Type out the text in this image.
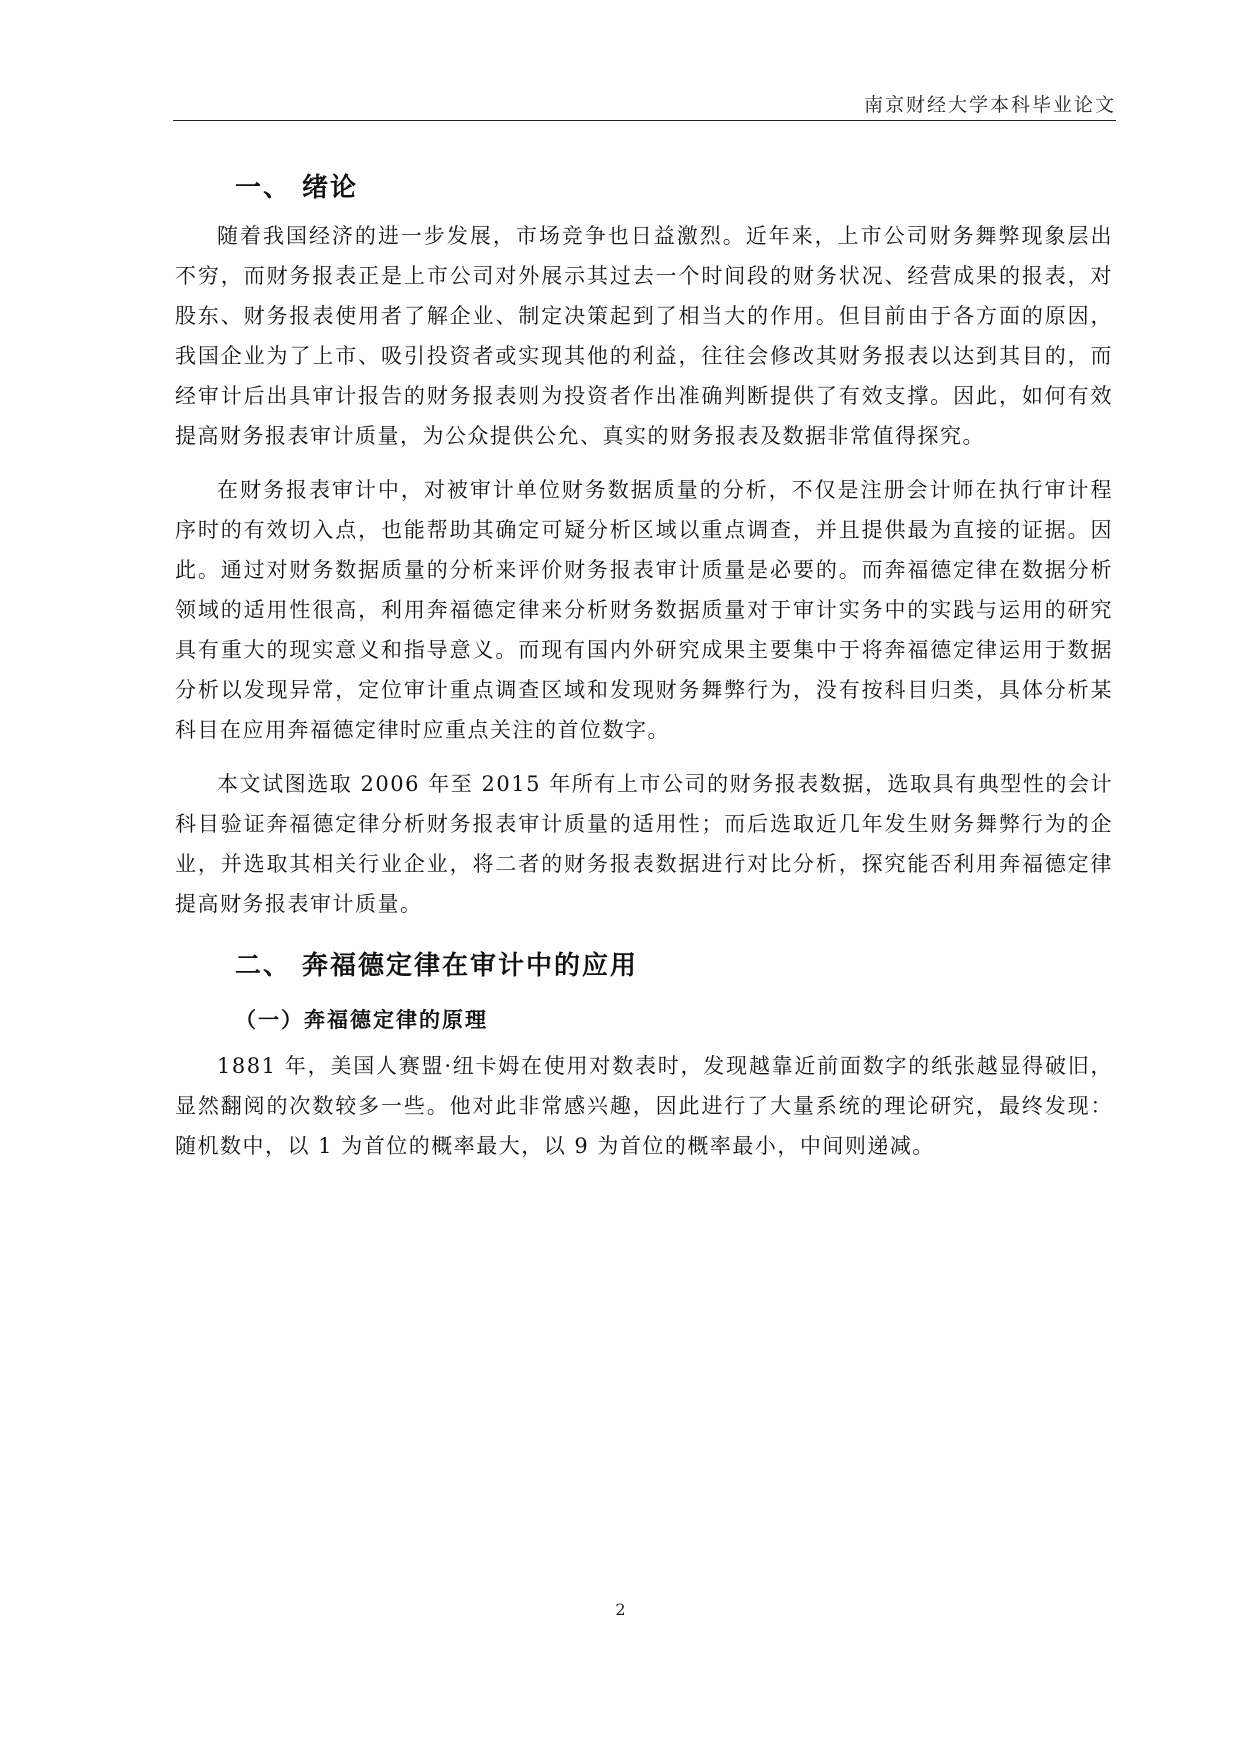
南京财经大学本科毕业论文
一、 绪论

随着我国经济的进一步发展，市场竞争也日益激烈。近年来，上市公司财务舞弊现象层出不穷，而财务报表正是上市公司对外展示其过去一个时间段的财务状况、经营成果的报表，对股东、财务报表使用者了解企业、制定决策起到了相当大的作用。但目前由于各方面的原因，我国企业为了上市、吸引投资者或实现其他的利益，往往会修改其财务报表以达到其目的，而经审计后出具审计报告的财务报表则为投资者作出准确判断提供了有效支撑。因此，如何有效提高财务报表审计质量，为公众提供公允、真实的财务报表及数据非常值得探究。

在财务报表审计中，对被审计单位财务数据质量的分析，不仅是注册会计师在执行审计程序时的有效切入点，也能帮助其确定可疑分析区域以重点调查，并且提供最为直接的证据。因此。通过对财务数据质量的分析来评价财务报表审计质量是必要的。而奔福德定律在数据分析领域的适用性很高，利用奔福德定律来分析财务数据质量对于审计实务中的实践与运用的研究具有重大的现实意义和指导意义。而现有国内外研究成果主要集中于将奔福德定律运用于数据分析以发现异常，定位审计重点调查区域和发现财务舞弊行为，没有按科目归类，具体分析某科目在应用奔福德定律时应重点关注的首位数字。

本文试图选取 2006 年至 2015 年所有上市公司的财务报表数据，选取具有典型性的会计科目验证奔福德定律分析财务报表审计质量的适用性；而后选取近几年发生财务舞弊行为的企业，并选取其相关行业企业，将二者的财务报表数据进行对比分析，探究能否利用奔福德定律提高财务报表审计质量。

二、 奔福德定律在审计中的应用
（一）奔福德定律的原理

1881 年，美国人赛盟·纽卡姆在使用对数表时，发现越靠近前面数字的纸张越显得破旧，显然翻阅的次数较多一些。他对此非常感兴趣，因此进行了大量系统的理论研究，最终发现：随机数中，以 1 为首位的概率最大，以 9 为首位的概率最小，中间则递减。

2
